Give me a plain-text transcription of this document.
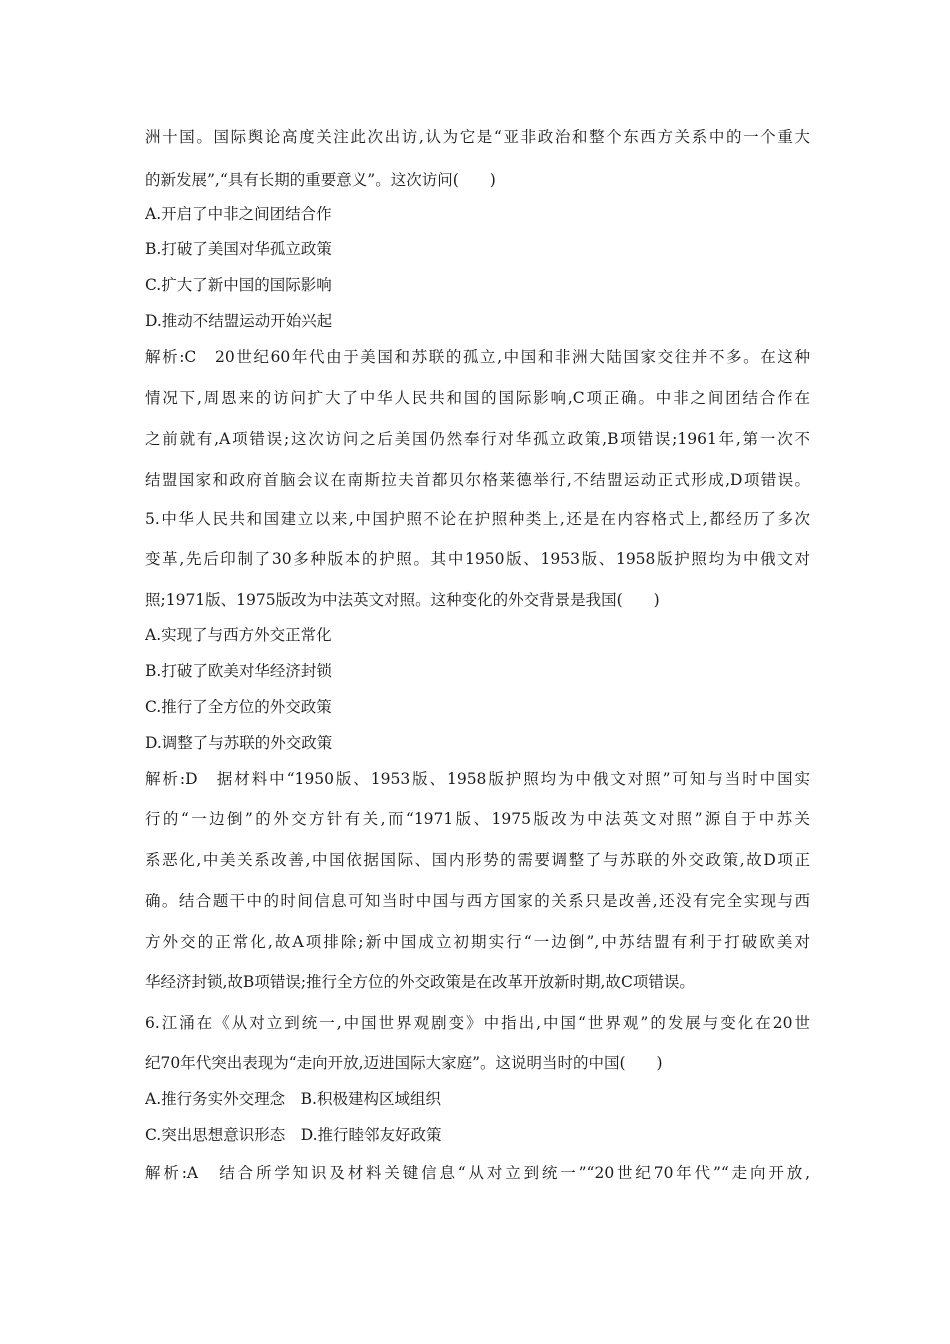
洲十国。国际舆论高度关注此次出访,认为它是“亚非政治和整个东西方关系中的一个重大
的新发展”,“具有长期的重要意义”。这次访问(　　)
A.开启了中非之间团结合作
B.打破了美国对华孤立政策
C.扩大了新中国的国际影响
D.推动不结盟运动开始兴起
解析:C　20世纪60年代由于美国和苏联的孤立,中国和非洲大陆国家交往并不多。在这种
情况下,周恩来的访问扩大了中华人民共和国的国际影响,C项正确。中非之间团结合作在
之前就有,A项错误;这次访问之后美国仍然奉行对华孤立政策,B项错误;1961年,第一次不
结盟国家和政府首脑会议在南斯拉夫首都贝尔格莱德举行,不结盟运动正式形成,D项错误。
5.中华人民共和国建立以来,中国护照不论在护照种类上,还是在内容格式上,都经历了多次
变革,先后印制了30多种版本的护照。其中1950版、1953版、1958版护照均为中俄文对
照;1971版、1975版改为中法英文对照。这种变化的外交背景是我国(　　)
A.实现了与西方外交正常化
B.打破了欧美对华经济封锁
C.推行了全方位的外交政策
D.调整了与苏联的外交政策
解析:D　据材料中“1950版、1953版、1958版护照均为中俄文对照”可知与当时中国实
行的“一边倒”的外交方针有关,而“1971版、1975版改为中法英文对照”源自于中苏关
系恶化,中美关系改善,中国依据国际、国内形势的需要调整了与苏联的外交政策,故D项正
确。结合题干中的时间信息可知当时中国与西方国家的关系只是改善,还没有完全实现与西
方外交的正常化,故A项排除;新中国成立初期实行“一边倒”,中苏结盟有利于打破欧美对
华经济封锁,故B项错误;推行全方位的外交政策是在改革开放新时期,故C项错误。
6.江涌在《从对立到统一,中国世界观剧变》中指出,中国“世界观”的发展与变化在20世
纪70年代突出表现为“走向开放,迈进国际大家庭”。这说明当时的中国(　　)
A.推行务实外交理念　B.积极建构区域组织
C.突出思想意识形态　D.推行睦邻友好政策
解析:A　结合所学知识及材料关键信息“从对立到统一”“20世纪70年代”“走向开放,
